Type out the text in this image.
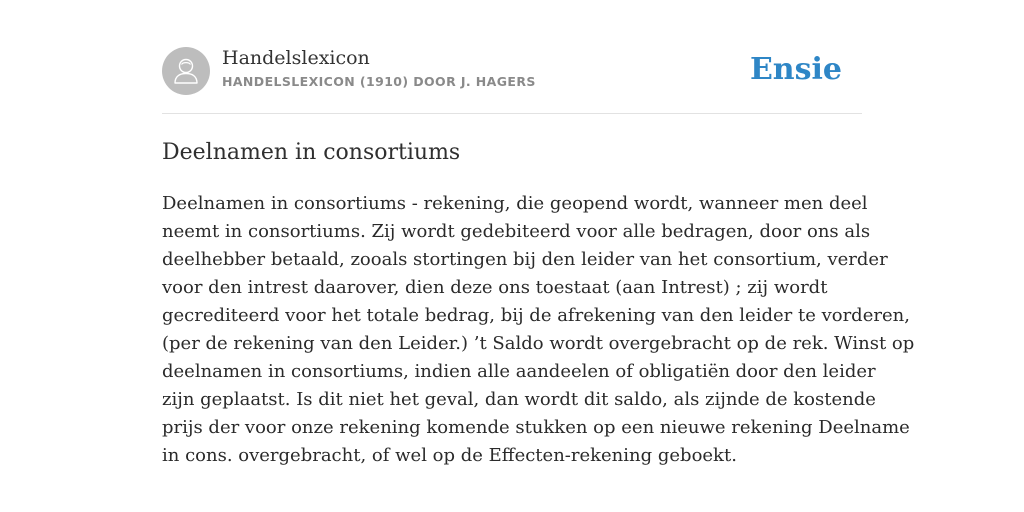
Handelslexicon
HANDELSLEXICON (1910) DOOR J. HAGERS	Ensie
Deelnamen in consortiums
Deelnamen in consortiums - rekening, die geopend wordt, wanneer men deel
neemt in consortiums. Zij wordt gedebiteerd voor alle bedragen, door ons als
deelhebber betaald, zooals stortingen bij den leider van het consortium, verder
voor den intrest daarover, dien deze ons toestaat (aan Intrest) ; zij wordt
gecrediteerd voor het totale bedrag, bij de afrekening van den leider te vorderen,
(per de rekening van den Leider.) ’t Saldo wordt overgebracht op de rek. Winst op
deelnamen in consortiums, indien alle aandeelen of obligatiën door den leider
zijn geplaatst. Is dit niet het geval, dan wordt dit saldo, als zijnde de kostende
prijs der voor onze rekening komende stukken op een nieuwe rekening Deelname
in cons. overgebracht, of wel op de Effecten-rekening geboekt.
